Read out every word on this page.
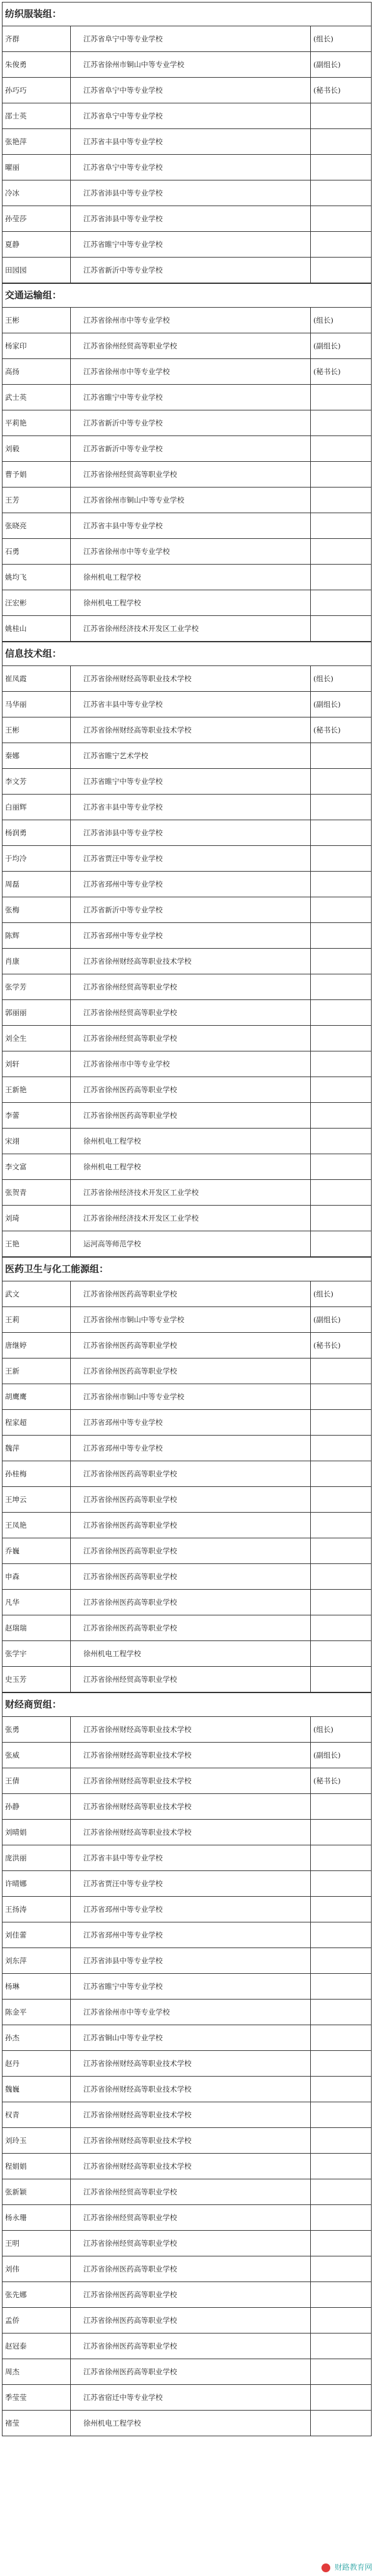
纺织服装组：
齐群	江苏省阜宁中等专业学校	(组长)
朱俊勇	江苏省徐州市铜山中等专业学校	(副组长)
孙巧巧	江苏省阜宁中等专业学校	(秘书长)
邵士英	江苏省阜宁中等专业学校	
张艳萍	江苏省丰县中等专业学校	
曜丽	江苏省阜宁中等专业学校	
冷冰	江苏省沛县中等专业学校	
孙莹莎	江苏省沛县中等专业学校	
夏静	江苏省睢宁中等专业学校	
田园园	江苏省新沂中等专业学校	
交通运输组：
王彬	江苏省徐州市中等专业学校	(组长)
杨家印	江苏省徐州经贸高等职业学校	(副组长)
高扬	江苏省徐州市中等专业学校	(秘书长)
武士英	江苏省睢宁中等专业学校	
平莉艳	江苏省新沂中等专业学校	
刘毅	江苏省新沂中等专业学校	
曹予娟	江苏省徐州经贸高等职业学校	
王芳	江苏省徐州市铜山中等专业学校	
张晓亮	江苏省丰县中等专业学校	
石勇	江苏省徐州市中等专业学校	
姚均飞	徐州机电工程学校	
汪宏彬	徐州机电工程学校	
姚桂山	江苏省徐州经济技术开发区工业学校	
信息技术组：
崔凤霞	江苏省徐州财经高等职业技术学校	(组长)
马华丽	江苏省丰县中等专业学校	(副组长)
王彬	江苏省徐州财经高等职业技术学校	(秘书长)
秦娜	江苏省睢宁艺术学校	
李文芳	江苏省睢宁中等专业学校	
白丽辉	江苏省丰县中等专业学校	
杨润勇	江苏省沛县中等专业学校	
于均冷	江苏省贾汪中等专业学校	
周磊	江苏省邳州中等专业学校	
张梅	江苏省新沂中等专业学校	
陈辉	江苏省邳州中等专业学校	
肖康	江苏省徐州财经高等职业技术学校	
张学芳	江苏省徐州经贸高等职业学校	
郭丽丽	江苏省徐州经贸高等职业学校	
刘全生	江苏省徐州经贸高等职业学校	
刘轩	江苏省徐州市中等专业学校	
王新艳	江苏省徐州医药高等职业学校	
李蕾	江苏省徐州医药高等职业学校	
宋翊	徐州机电工程学校	
李文富	徐州机电工程学校	
张贺青	江苏省徐州经济技术开发区工业学校	
刘琦	江苏省徐州经济技术开发区工业学校	
王艳	运河高等师范学校	
医药卫生与化工能源组：
武文	江苏省徐州医药高等职业学校	(组长)
王莉	江苏省徐州市铜山中等专业学校	(副组长)
唐继婷	江苏省徐州医药高等职业学校	(秘书长)
王新	江苏省徐州医药高等职业学校	
胡鹰鹰	江苏省徐州市铜山中等专业学校	
程家超	江苏省邳州中等专业学校	
魏萍	江苏省邳州中等专业学校	
孙桂梅	江苏省徐州医药高等职业学校	
王坤云	江苏省徐州医药高等职业学校	
王凤艳	江苏省徐州医药高等职业学校	
乔巍	江苏省徐州医药高等职业学校	
申森	江苏省徐州医药高等职业学校	
凡华	江苏省徐州医药高等职业学校	
赵瑞瑞	江苏省徐州医药高等职业学校	
张学宇	徐州机电工程学校	
史玉芳	江苏省徐州经贸高等职业学校	
财经商贸组：
张勇	江苏省徐州财经高等职业技术学校	(组长)
张威	江苏省徐州财经高等职业技术学校	(副组长)
王倩	江苏省徐州财经高等职业技术学校	(秘书长)
孙静	江苏省徐州财经高等职业技术学校	
刘晴娟	江苏省徐州财经高等职业技术学校	
庞洪丽	江苏省丰县中等专业学校	
许晴娜	江苏省贾汪中等专业学校	
王扬涛	江苏省邳州中等专业学校	
刘佳蕾	江苏省邳州中等专业学校	
刘东萍	江苏省沛县中等专业学校	
杨琳	江苏省睢宁中等专业学校	
陈金平	江苏省徐州市中等专业学校	
孙杰	江苏省铜山中等专业学校	
赵丹	江苏省徐州财经高等职业技术学校	
魏巍	江苏省徐州财经高等职业技术学校	
权青	江苏省徐州财经高等职业技术学校	
刘玲玉	江苏省徐州财经高等职业技术学校	
程娟娟	江苏省徐州财经高等职业技术学校	
张新颖	江苏省徐州经贸高等职业学校	
杨永珊	江苏省徐州经贸高等职业学校	
王明	江苏省徐州经贸高等职业学校	
刘伟	江苏省徐州医药高等职业学校	
张先娜	江苏省徐州医药高等职业学校	
孟侨	江苏省徐州医药高等职业学校	
赵冠泰	江苏省徐州医药高等职业学校	
周杰	江苏省徐州医药高等职业学校	
季莹莹	江苏省宿迁中等专业学校	
褚莹	徐州机电工程学校	
财路教育网
